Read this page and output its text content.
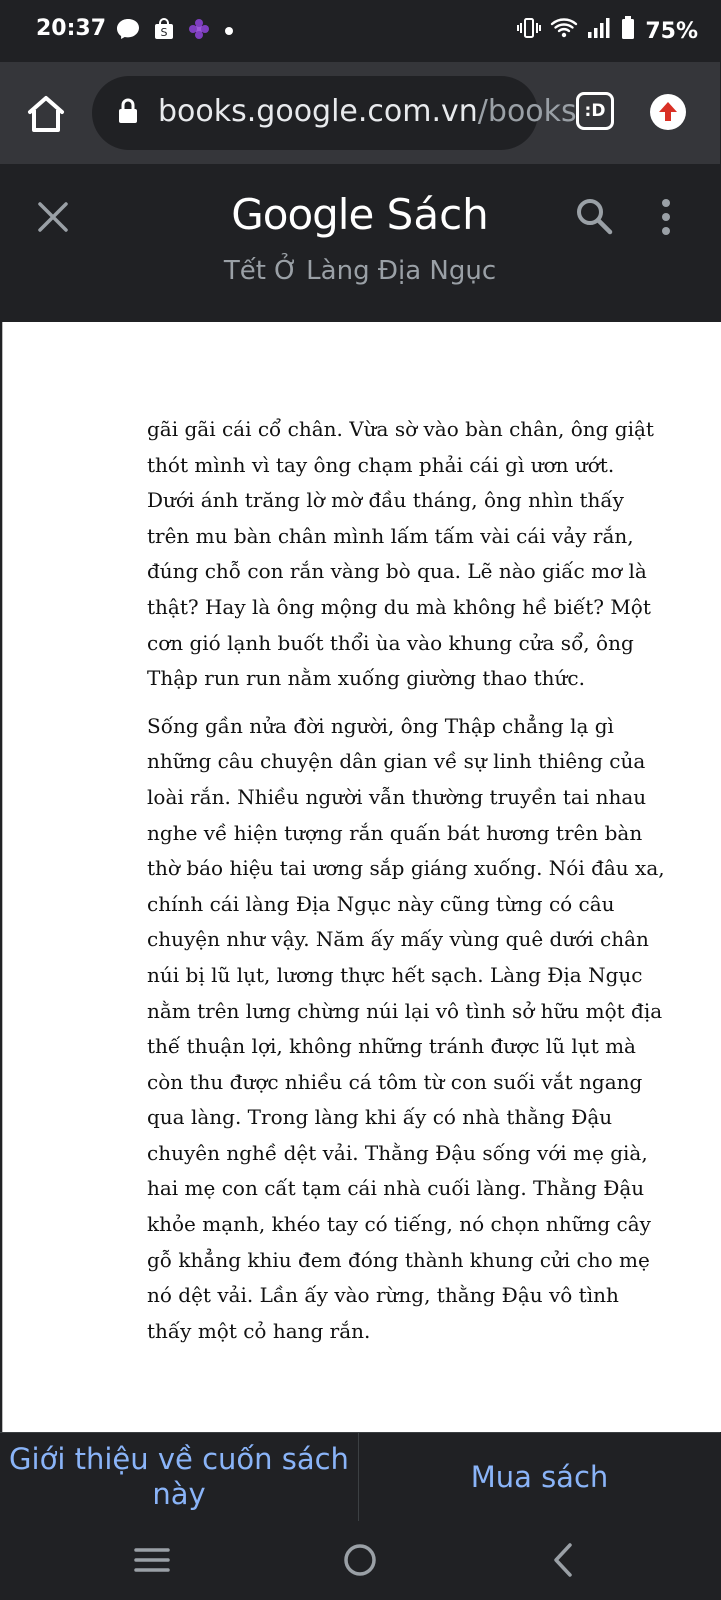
20:37	S	75%
books.google.com.vn/books :D
Google Sách
Tết Ở Làng Địa Ngục

gãi gãi cái cổ chân. Vừa sờ vào bàn chân, ông giật thót mình vì tay ông chạm phải cái gì ươn ướt. Dưới ánh trăng lờ mờ đầu tháng, ông nhìn thấy trên mu bàn chân mình lấm tấm vài cái vảy rắn, đúng chỗ con rắn vàng bò qua. Lẽ nào giấc mơ là thật? Hay là ông mộng du mà không hề biết? Một cơn gió lạnh buốt thổi ùa vào khung cửa sổ, ông Thập run run nằm xuống giường thao thức.

Sống gần nửa đời người, ông Thập chẳng lạ gì những câu chuyện dân gian về sự linh thiêng của loài rắn. Nhiều người vẫn thường truyền tai nhau nghe về hiện tượng rắn quấn bát hương trên bàn thờ báo hiệu tai ương sắp giáng xuống. Nói đâu xa, chính cái làng Địa Ngục này cũng từng có câu chuyện như vậy. Năm ấy mấy vùng quê dưới chân núi bị lũ lụt, lương thực hết sạch. Làng Địa Ngục nằm trên lưng chừng núi lại vô tình sở hữu một địa thế thuận lợi, không những tránh được lũ lụt mà còn thu được nhiều cá tôm từ con suối vắt ngang qua làng. Trong làng khi ấy có nhà thằng Đậu chuyên nghề dệt vải. Thằng Đậu sống với mẹ già, hai mẹ con cất tạm cái nhà cuối làng. Thằng Đậu khỏe mạnh, khéo tay có tiếng, nó chọn những cây gỗ khẳng khiu đem đóng thành khung cửi cho mẹ nó dệt vải. Lần ấy vào rừng, thằng Đậu vô tình thấy một cỏ hang rắn.

Giới thiệu về cuốn sách này	Mua sách
